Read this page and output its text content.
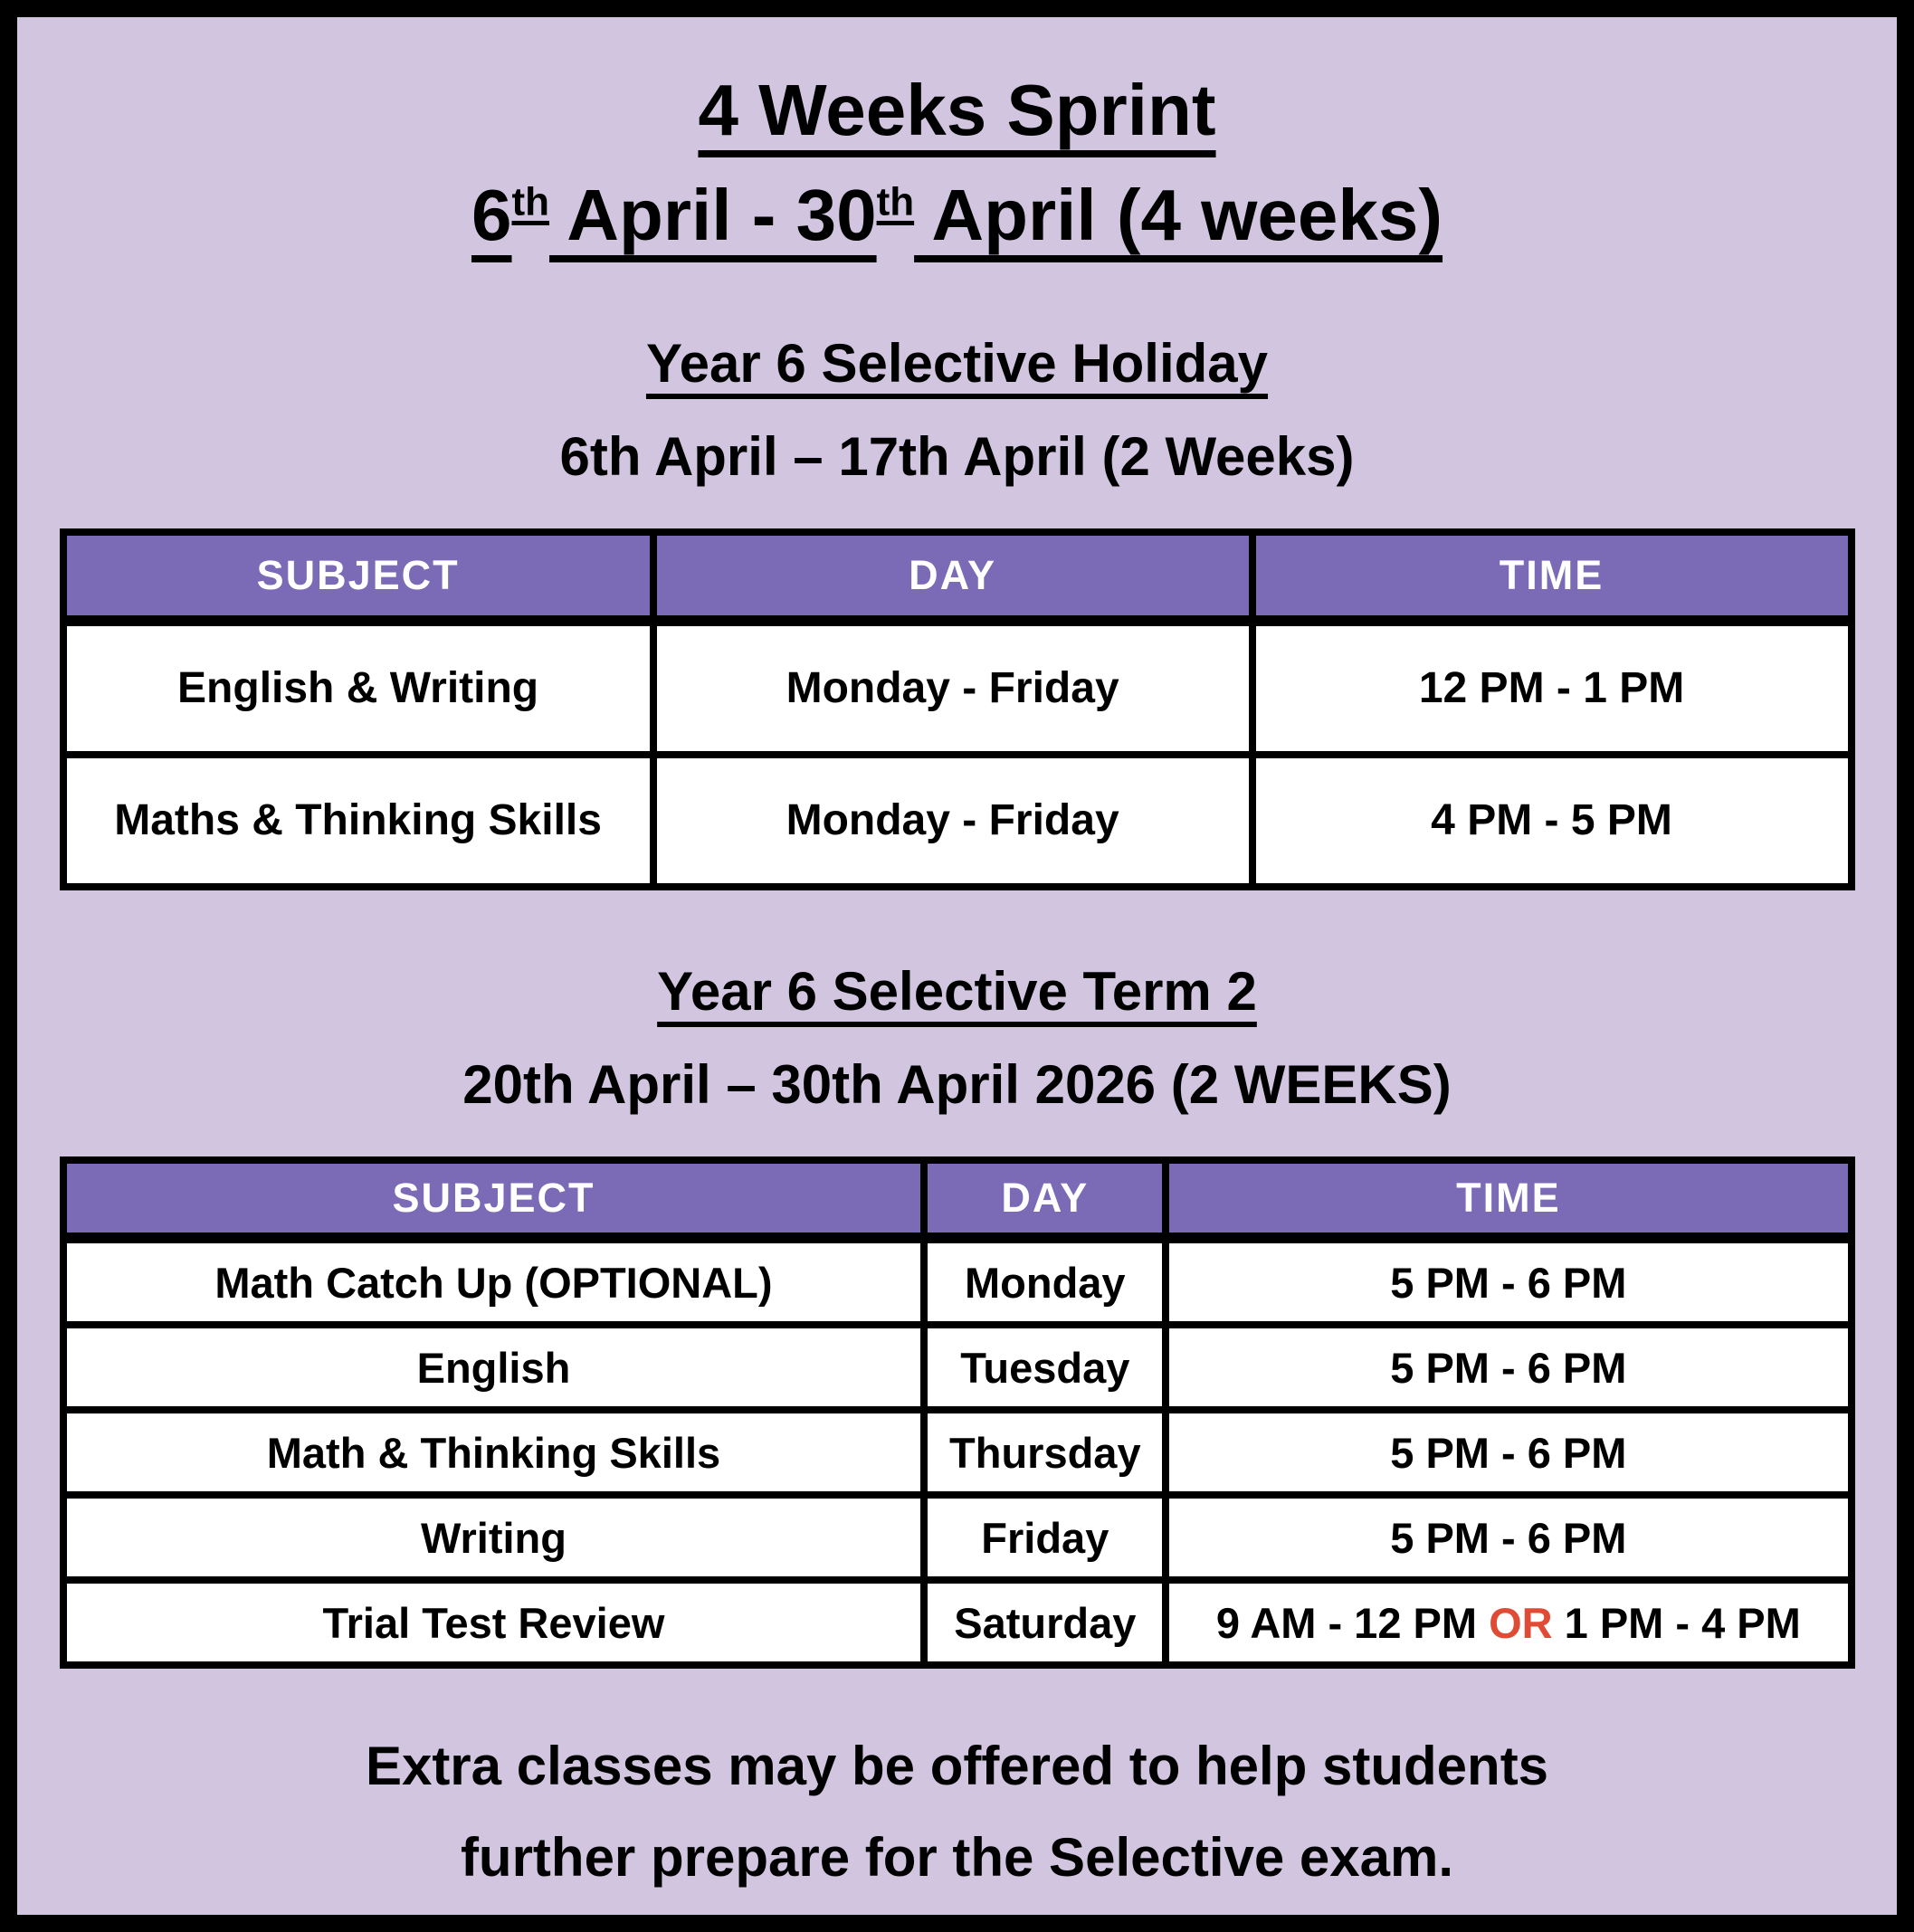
4 Weeks Sprint
6th April - 30th April (4 weeks)
Year 6 Selective Holiday
6th April – 17th April (2 Weeks)
SUBJECT	DAY	TIME
English & Writing	Monday - Friday	12 PM - 1 PM
Maths & Thinking Skills	Monday - Friday	4 PM - 5 PM
Year 6 Selective Term 2
20th April – 30th April 2026 (2 WEEKS)
SUBJECT	DAY	TIME
Math Catch Up (OPTIONAL)	Monday	5 PM - 6 PM
English	Tuesday	5 PM - 6 PM
Math & Thinking Skills	Thursday	5 PM - 6 PM
Writing	Friday	5 PM - 6 PM
Trial Test Review	Saturday	9 AM - 12 PM OR 1 PM - 4 PM
Extra classes may be offered to help students
further prepare for the Selective exam.
